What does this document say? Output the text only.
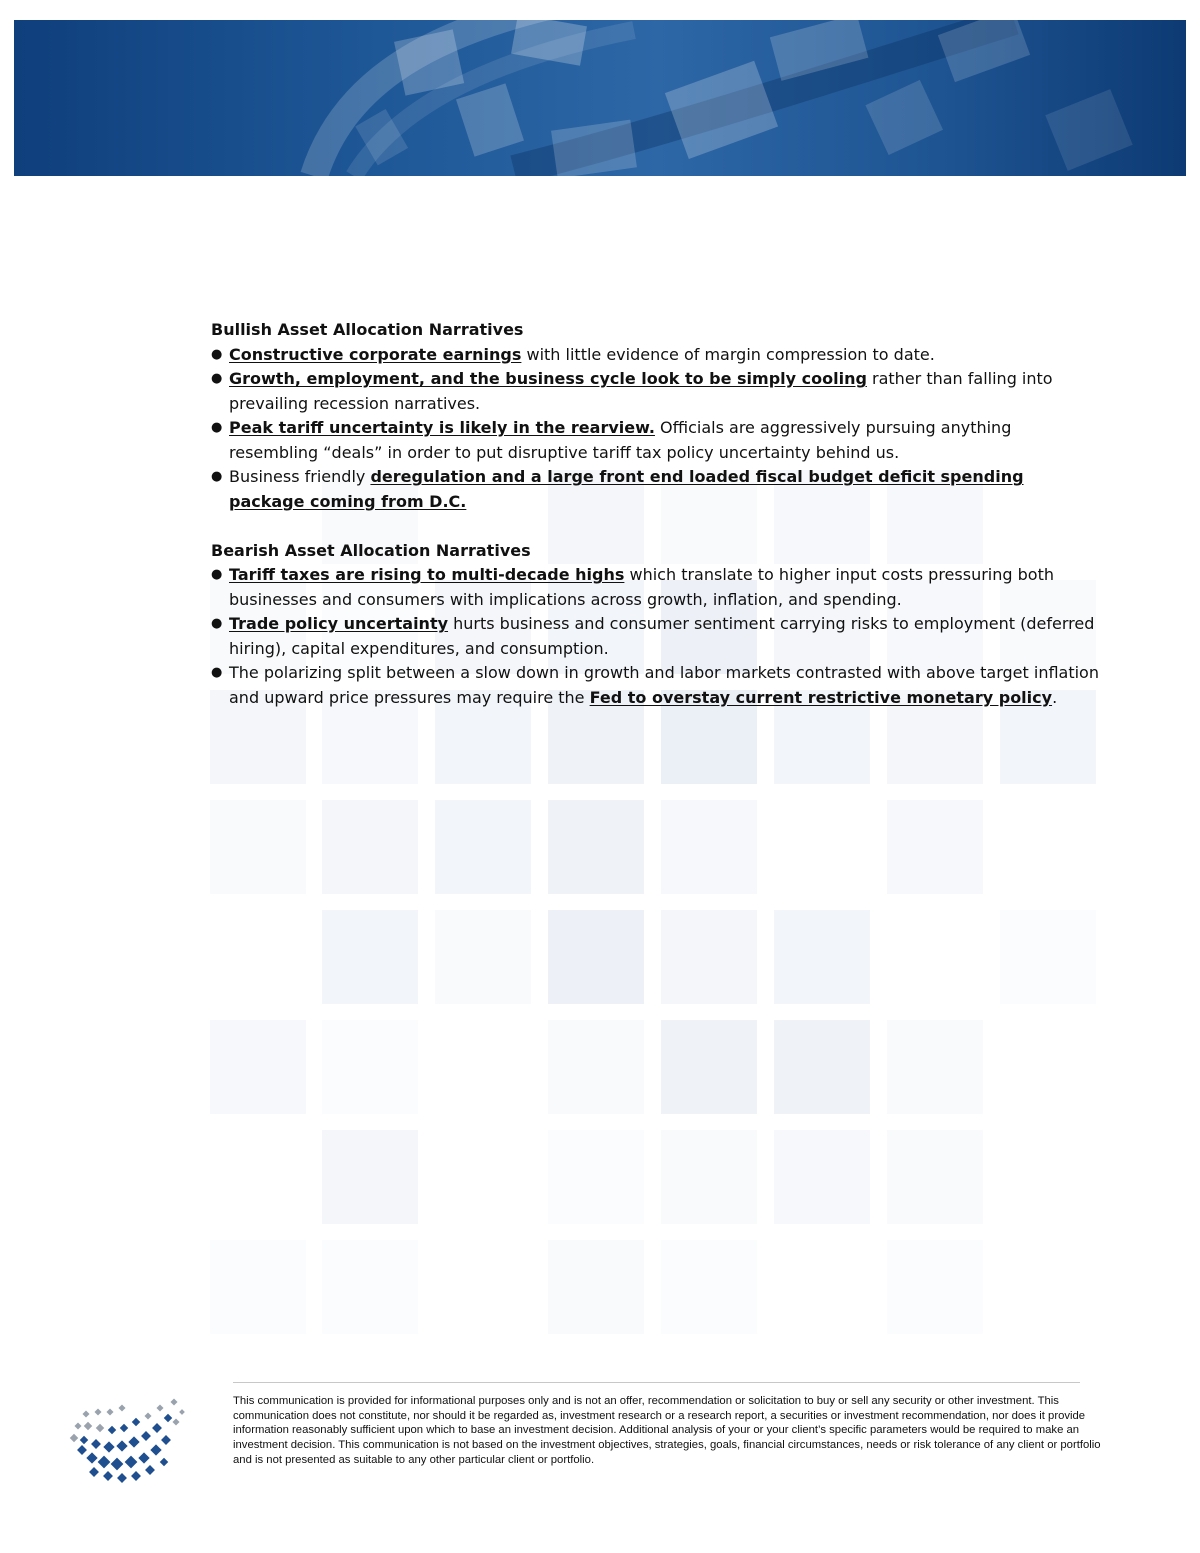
Bullish Asset Allocation Narratives

● Constructive corporate earnings with little evidence of margin compression to date.
● Growth, employment, and the business cycle look to be simply cooling rather than falling into prevailing recession narratives.
● Peak tariff uncertainty is likely in the rearview. Officials are aggressively pursuing anything resembling “deals” in order to put disruptive tariff tax policy uncertainty behind us.
● Business friendly deregulation and a large front end loaded fiscal budget deficit spending package coming from D.C.

Bearish Asset Allocation Narratives

● Tariff taxes are rising to multi-decade highs which translate to higher input costs pressuring both businesses and consumers with implications across growth, inflation, and spending.
● Trade policy uncertainty hurts business and consumer sentiment carrying risks to employment (deferred hiring), capital expenditures, and consumption.
● The polarizing split between a slow down in growth and labor markets contrasted with above target inflation and upward price pressures may require the Fed to overstay current restrictive monetary policy.

This communication is provided for informational purposes only and is not an offer, recommendation or solicitation to buy or sell any security or other investment. This communication does not constitute, nor should it be regarded as, investment research or a research report, a securities or investment recommendation, nor does it provide information reasonably sufficient upon which to base an investment decision. Additional analysis of your or your client’s specific parameters would be required to make an investment decision. This communication is not based on the investment objectives, strategies, goals, financial circumstances, needs or risk tolerance of any client or portfolio and is not presented as suitable to any other particular client or portfolio.
